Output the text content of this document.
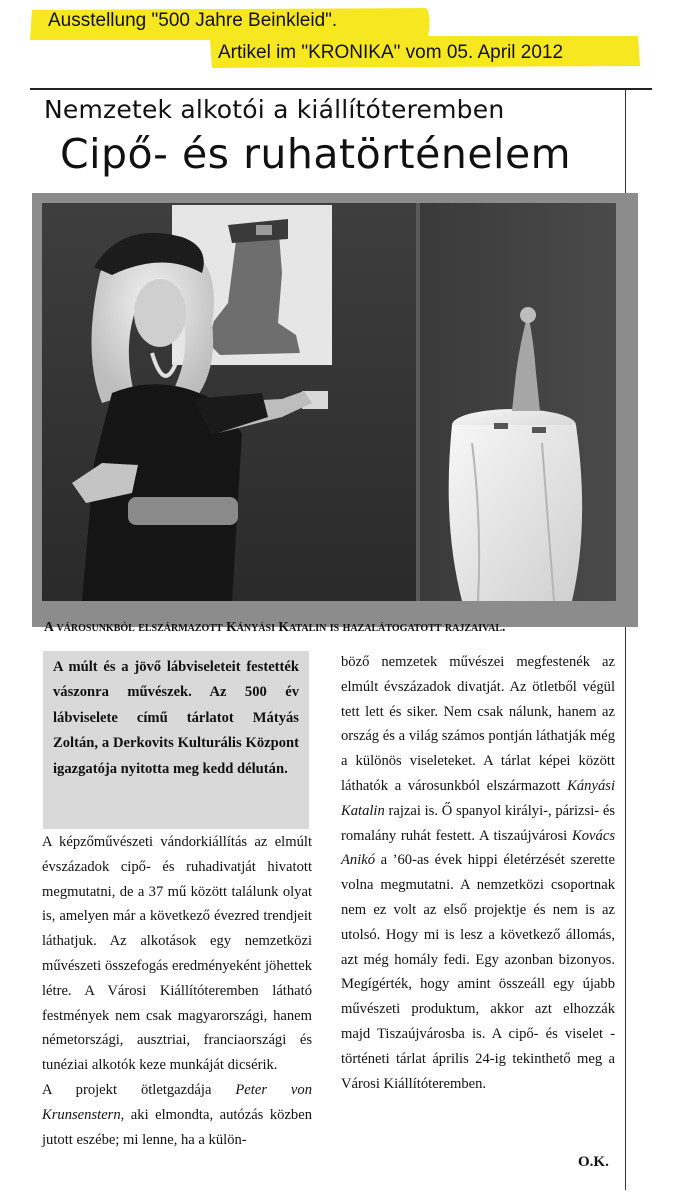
Ausstellung "500 Jahre Beinkleid".
Artikel im "KRONIKA" vom 05. April 2012
Nemzetek alkotói a kiállítóteremben
Cipő- és ruhatörténelem
A városunkból elszármazott Kányási Katalin is hazalátogatott rajzaival.
A múlt és a jövő lábviseleteit festették vászonra művészek. Az 500 év lábviselete című tárlatot Mátyás Zoltán, a Derkovits Kulturális Központ igazgatója nyitotta meg kedd délután.

A képzőművészeti vándorkiállítás az elmúlt évszázadok cipő- és ruhadivatját hivatott megmutatni, de a 37 mű között találunk olyat is, amelyen már a következő évezred trendjeit láthatjuk. Az alkotások egy nemzetközi művészeti összefogás eredményeként jöhettek létre. A Városi Kiállítóteremben látható festmények nem csak magyarországi, hanem németországi, ausztriai, franciaországi és tunéziai alkotók keze munkáját dicsérik.

A projekt ötletgazdája Peter von Krunsenstern, aki elmondta, autózás közben jutott eszébe; mi lenne, ha a külön-

böző nemzetek művészei megfestenék az elmúlt évszázadok divatját. Az ötletből végül tett lett és siker. Nem csak nálunk, hanem az ország és a világ számos pontján láthatják még a különös viseleteket. A tárlat képei között láthatók a városunkból elszármazott Kányási Katalin rajzai is. Ő spanyol királyi-, párizsi- és romalány ruhát festett. A tiszaújvárosi Kovács Anikó a ’60-as évek hippi életérzését szerette volna megmutatni. A nemzetközi csoportnak nem ez volt az első projektje és nem is az utolsó. Hogy mi is lesz a következő állomás, azt még homály fedi. Egy azonban bizonyos. Megígérték, hogy amint összeáll egy újabb művészeti produktum, akkor azt elhozzák majd Tiszaújvárosba is. A cipő- és viselet -történeti tárlat április 24-ig tekinthető meg a Városi Kiállítóteremben.

O.K.
